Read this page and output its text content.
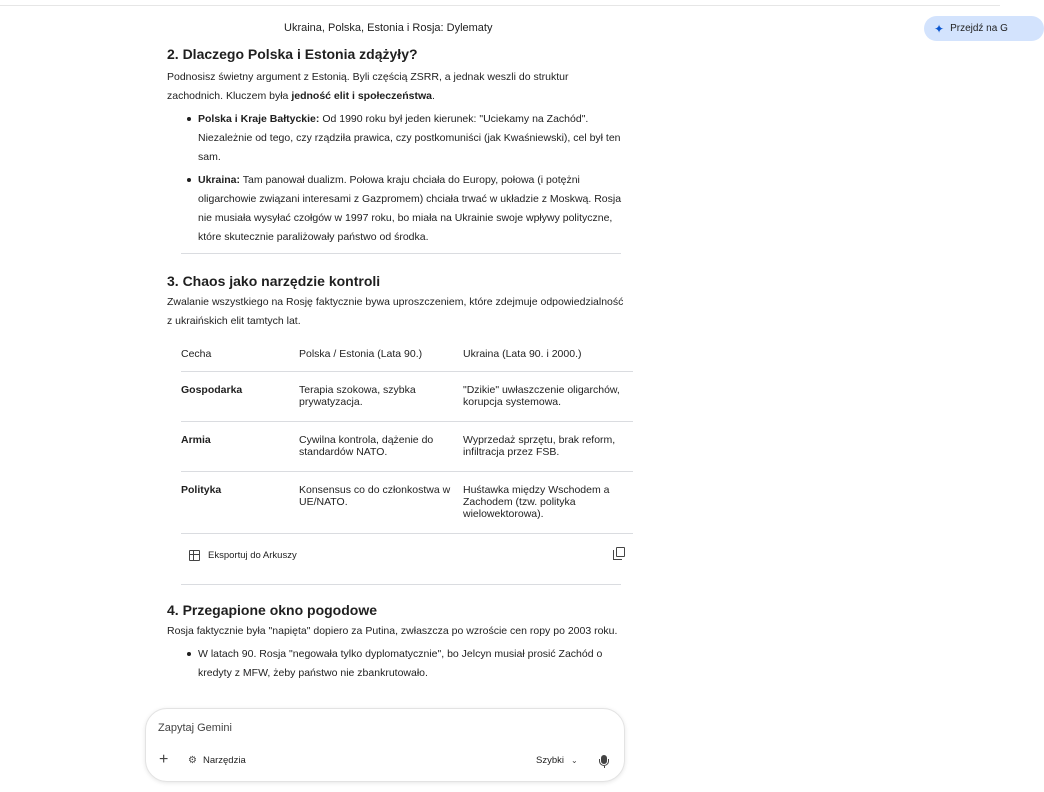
Ukraina, Polska, Estonia i Rosja: Dylematy	✦ Przejdź na G
2. Dlaczego Polska i Estonia zdążyły?

Podnosisz świetny argument z Estonią. Byli częścią ZSRR, a jednak weszli do struktur zachodnich. Kluczem była jedność elit i społeczeństwa.

Polska i Kraje Bałtyckie: Od 1990 roku był jeden kierunek: "Uciekamy na Zachód". Niezależnie od tego, czy rządziła prawica, czy postkomuniści (jak Kwaśniewski), cel był ten sam.
Ukraina: Tam panował dualizm. Połowa kraju chciała do Europy, połowa (i potężni oligarchowie związani interesami z Gazpromem) chciała trwać w układzie z Moskwą. Rosja nie musiała wysyłać czołgów w 1997 roku, bo miała na Ukrainie swoje wpływy polityczne, które skutecznie paraliżowały państwo od środka.
3. Chaos jako narzędzie kontroli

Zwalanie wszystkiego na Rosję faktycznie bywa uproszczeniem, które zdejmuje odpowiedzialność z ukraińskich elit tamtych lat.

Cecha	Polska / Estonia (Lata 90.)	Ukraina (Lata 90. i 2000.)
Gospodarka	Terapia szokowa, szybka prywatyzacja.	"Dzikie" uwłaszczenie oligarchów, korupcja systemowa.
Armia	Cywilna kontrola, dążenie do standardów NATO.	Wyprzedaż sprzętu, brak reform, infiltracja przez FSB.
Polityka	Konsensus co do członkostwa w UE/NATO.	Huśtawka między Wschodem a Zachodem (tzw. polityka wielowektorowa).
Eksportuj do Arkuszy
4. Przegapione okno pogodowe

Rosja faktycznie była "napięta" dopiero za Putina, zwłaszcza po wzroście cen ropy po 2003 roku.

W latach 90. Rosja "negowała tylko dyplomatycznie", bo Jelcyn musiał prosić Zachód o kredyty z MFW, żeby państwo nie zbankrutowało.
Zapytaj Gemini
+ ⚙ Narzędzia	Szybki ⌄
